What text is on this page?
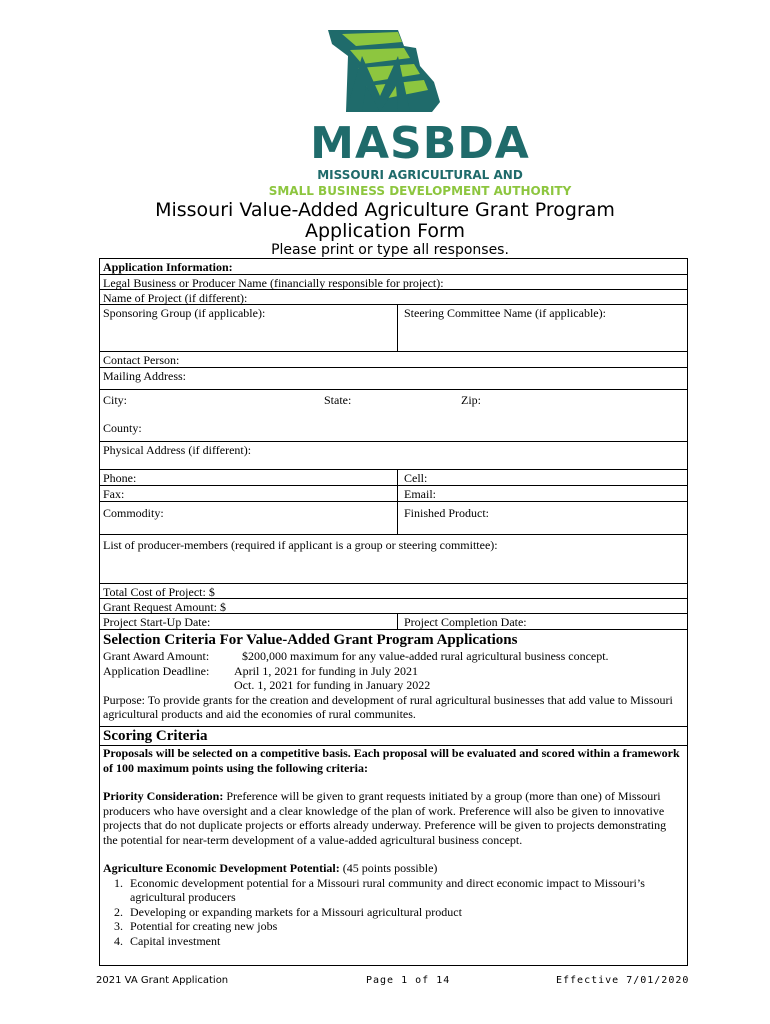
MASBDA
MISSOURI AGRICULTURAL AND
SMALL BUSINESS DEVELOPMENT AUTHORITY
Missouri Value-Added Agriculture Grant Program
Application Form
Please print or type all responses.
Application Information:
Legal Business or Producer Name (financially responsible for project):
Name of Project (if different):
Sponsoring Group (if applicable):	Steering Committee Name (if applicable):
Contact Person:
Mailing Address:
City:	State:	Zip:
County:
Physical Address (if different):
Phone:	Cell:
Fax:	Email:
Commodity:	Finished Product:
List of producer-members (required if applicant is a group or steering committee):
Total Cost of Project: $
Grant Request Amount: $
Project Start-Up Date:	Project Completion Date:
Selection Criteria For Value-Added Grant Program Applications
Grant Award Amount:	$200,000 maximum for any value-added rural agricultural business concept.
Application Deadline: April 1, 2021 for funding in July 2021
Oct. 1, 2021 for funding in January 2022
Purpose: To provide grants for the creation and development of rural agricultural businesses that add value to Missouri agricultural products and aid the economies of rural communites.
Scoring Criteria
Proposals will be selected on a competitive basis. Each proposal will be evaluated and scored within a framework of 100 maximum points using the following criteria:
Priority Consideration: Preference will be given to grant requests initiated by a group (more than one) of Missouri producers who have oversight and a clear knowledge of the plan of work. Preference will also be given to innovative projects that do not duplicate projects or efforts already underway. Preference will be given to projects demonstrating the potential for near-term development of a value-added agricultural business concept.
Agriculture Economic Development Potential: (45 points possible)
1. Economic development potential for a Missouri rural community and direct economic impact to Missouri’s agricultural producers
2. Developing or expanding markets for a Missouri agricultural product
3. Potential for creating new jobs
4. Capital investment
2021 VA Grant Application	Page 1 of 14	Effective 7/01/2020
